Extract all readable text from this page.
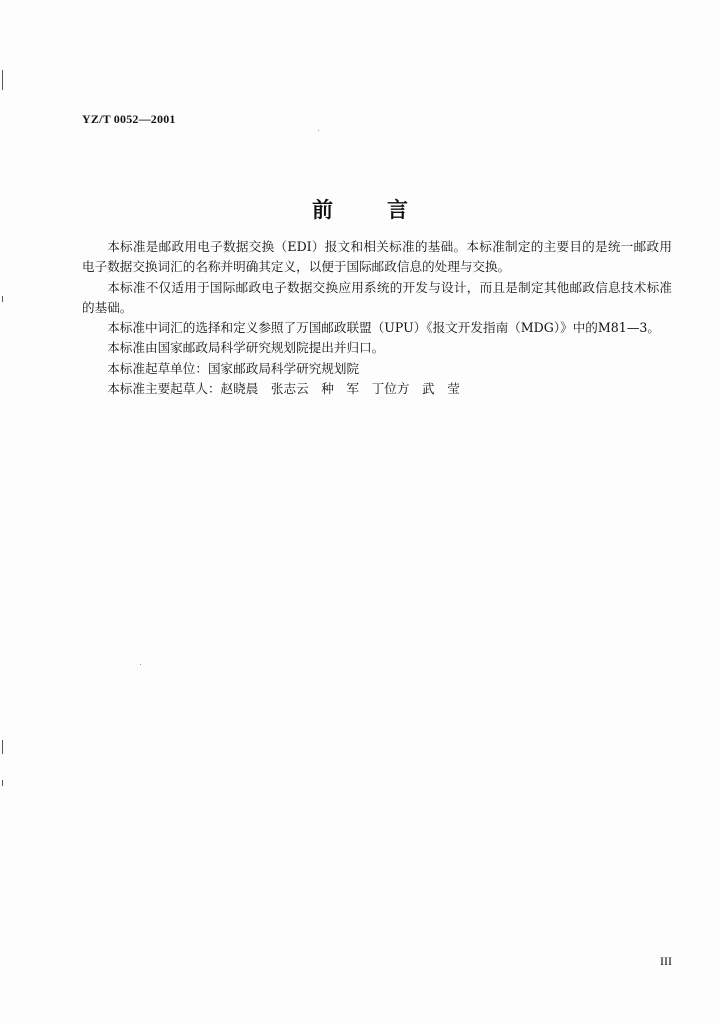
YZ/T 0052—2001
前言

本标准是邮政用电子数据交换（EDI）报文和相关标准的基础。本标准制定的主要目的是统一邮政用电子数据交换词汇的名称并明确其定义，以便于国际邮政信息的处理与交换。

本标准不仅适用于国际邮政电子数据交换应用系统的开发与设计，而且是制定其他邮政信息技术标准的基础。

本标准中词汇的选择和定义参照了万国邮政联盟（UPU）《报文开发指南（MDG）》中的M81—3。

本标准由国家邮政局科学研究规划院提出并归口。

本标准起草单位：国家邮政局科学研究规划院

本标准主要起草人：赵晓晨　张志云　种　军　丁位方　武　莹

III
